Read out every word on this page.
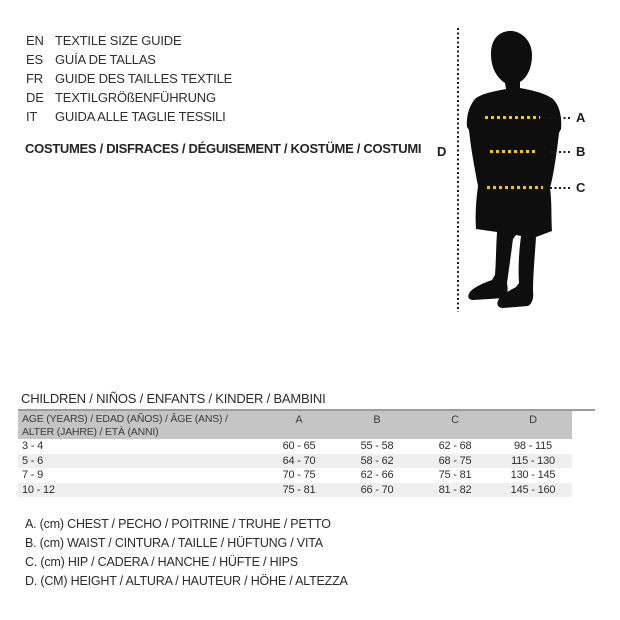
EN TEXTILE SIZE GUIDE
ES GUÍA DE TALLAS
FR GUIDE DES TAILLES TEXTILE
DE TEXTILGRÖßENFÜHRUNG
IT	GUIDA ALLE TAGLIE TESSILI
COSTUMES / DISFRACES / DÉGUISEMENT / KOSTÜME / COSTUMI D
A
B
C
CHILDREN / NIÑOS / ENFANTS / KINDER / BAMBINI
AGE (YEARS) / EDAD (AÑOS) / ÂGE (ANS) /
ALTER (JAHRE) / ETÀ (ANNI)
A	B	C	D
3 - 4	60 - 65	55 - 58	62 - 68	98 - 115
5 - 6	64 - 70	58 - 62	68 - 75	115 - 130
7 - 9	70 - 75	62 - 66	75 - 81	130 - 145
10 - 12	75 - 81	66 - 70	81 - 82	145 - 160
A. (cm) CHEST / PECHO / POITRINE / TRUHE / PETTO
B. (cm) WAIST / CINTURA / TAILLE / HÜFTUNG / VITA
C. (cm) HIP / CADERA / HANCHE / HÜFTE / HIPS
D. (CM) HEIGHT / ALTURA / HAUTEUR / HÖHE / ALTEZZA
